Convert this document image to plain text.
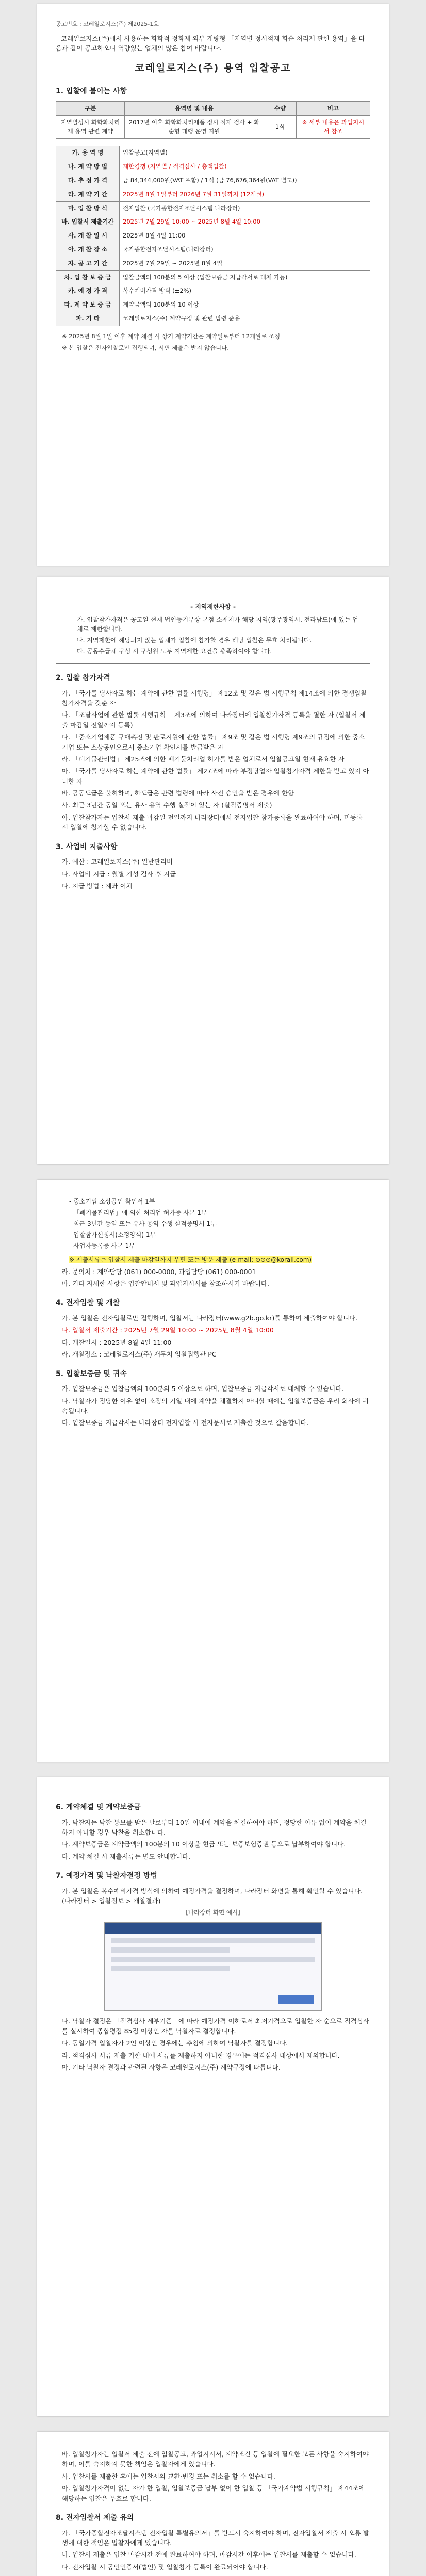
공고번호 : 코레일로지스(주) 제2025-1호

코레일로지스(주)에서 사용하는 화학적 정화제 외부 개량형 「지역별 정시적재 화순 처리제 관련 용역」을 다음과 같이 공고하오니 역량있는 업체의 많은 참여 바랍니다.

코레일로지스(주) 용역 입찰공고
1. 입찰에 붙이는 사항
구분	용역명 및 내용	수량	비고
지역별성시 화학화처리제 용역 관련 계약	2017년 이후 화학화처리제품 정시 적재 검사 + 화순형 대행 운영 지원	1식	※ 세부 내용은 과업지시서 참조
가. 용 역 명	입찰공고(지역별)
나. 계 약 방 법	제한경쟁 (지역별 / 적격심사 / 총액입찰)
다. 추 정 가 격	금 84,344,000원(VAT 포함) / 1식 (금 76,676,364원(VAT 별도))
라. 계 약 기 간	2025년 8월 1일부터 2026년 7월 31일까지 (12개월)
마. 입 찰 방 식	전자입찰 (국가종합전자조달시스템 나라장터)
바. 입찰서 제출기간	2025년 7월 29일 10:00 ~ 2025년 8월 4일 10:00
사. 개 찰 일 시	2025년 8월 4일 11:00
아. 개 찰 장 소	국가종합전자조달시스템(나라장터)
자. 공 고 기 간	2025년 7월 29일 ~ 2025년 8월 4일
차. 입 찰 보 증 금	입찰금액의 100분의 5 이상 (입찰보증금 지급각서로 대체 가능)
카. 예 정 가 격	복수예비가격 방식 (±2%)
타. 계 약 보 증 금	계약금액의 100분의 10 이상
파. 기 타	코레일로지스(주) 계약규정 및 관련 법령 준용
※ 2025년 8월 1일 이후 계약 체결 시 상기 계약기간은 계약일로부터 12개월로 조정
※ 본 입찰은 전자입찰로만 집행되며, 서면 제출은 받지 않습니다.
- 지역제한사항 -
가. 입찰참가자격은 공고일 현재 법인등기부상 본점 소재지가 해당 지역(광주광역시, 전라남도)에 있는 업체로 제한합니다.
나. 지역제한에 해당되지 않는 업체가 입찰에 참가할 경우 해당 입찰은 무효 처리됩니다.
다. 공동수급체 구성 시 구성원 모두 지역제한 요건을 충족하여야 합니다.
2. 입찰 참가자격
가. 「국가를 당사자로 하는 계약에 관한 법률 시행령」 제12조 및 같은 법 시행규칙 제14조에 의한 경쟁입찰 참가자격을 갖춘 자
나. 「조달사업에 관한 법률 시행규칙」 제3조에 의하여 나라장터에 입찰참가자격 등록을 필한 자 (입찰서 제출 마감일 전일까지 등록)
다. 「중소기업제품 구매촉진 및 판로지원에 관한 법률」 제9조 및 같은 법 시행령 제9조의 규정에 의한 중소기업 또는 소상공인으로서 중소기업 확인서를 발급받은 자
라. 「폐기물관리법」 제25조에 의한 폐기물처리업 허가를 받은 업체로서 입찰공고일 현재 유효한 자
마. 「국가를 당사자로 하는 계약에 관한 법률」 제27조에 따라 부정당업자 입찰참가자격 제한을 받고 있지 아니한 자
바. 공동도급은 불허하며, 하도급은 관련 법령에 따라 사전 승인을 받은 경우에 한함
사. 최근 3년간 동일 또는 유사 용역 수행 실적이 있는 자 (실적증명서 제출)
아. 입찰참가자는 입찰서 제출 마감일 전일까지 나라장터에서 전자입찰 참가등록을 완료하여야 하며, 미등록 시 입찰에 참가할 수 없습니다.
3. 사업비 지출사항
가. 예산 : 코레일로지스(주) 일반관리비
나. 사업비 지급 : 월별 기성 검사 후 지급
다. 지급 방법 : 계좌 이체
- 중소기업 소상공인 확인서 1부
- 「폐기물관리법」에 의한 처리업 허가증 사본 1부
- 최근 3년간 동일 또는 유사 용역 수행 실적증명서 1부
- 입찰참가신청서(소정양식) 1부
- 사업자등록증 사본 1부
※ 제출서류는 입찰서 제출 마감일까지 우편 또는 방문 제출 (e-mail: ⊙⊙⊙@korail.com)
라. 문의처 : 계약담당 (061) 000-0000, 과업담당 (061) 000-0001
마. 기타 자세한 사항은 입찰안내서 및 과업지시서를 참조하시기 바랍니다.
4. 전자입찰 및 개찰
가. 본 입찰은 전자입찰로만 집행하며, 입찰서는 나라장터(www.g2b.go.kr)를 통하여 제출하여야 합니다.
나. 입찰서 제출기간 : 2025년 7월 29일 10:00 ~ 2025년 8월 4일 10:00
다. 개찰일시 : 2025년 8월 4일 11:00
라. 개찰장소 : 코레일로지스(주) 재무처 입찰집행관 PC
5. 입찰보증금 및 귀속
가. 입찰보증금은 입찰금액의 100분의 5 이상으로 하며, 입찰보증금 지급각서로 대체할 수 있습니다.
나. 낙찰자가 정당한 이유 없이 소정의 기일 내에 계약을 체결하지 아니할 때에는 입찰보증금은 우리 회사에 귀속됩니다.
다. 입찰보증금 지급각서는 나라장터 전자입찰 시 전자문서로 제출한 것으로 갈음합니다.
6. 계약체결 및 계약보증금
가. 낙찰자는 낙찰 통보를 받은 날로부터 10일 이내에 계약을 체결하여야 하며, 정당한 이유 없이 계약을 체결하지 아니할 경우 낙찰을 취소합니다.
나. 계약보증금은 계약금액의 100분의 10 이상을 현금 또는 보증보험증권 등으로 납부하여야 합니다.
다. 계약 체결 시 제출서류는 별도 안내합니다.
7. 예정가격 및 낙찰자결정 방법
가. 본 입찰은 복수예비가격 방식에 의하여 예정가격을 결정하며, 나라장터 화면을 통해 확인할 수 있습니다. (나라장터 > 입찰정보 > 개찰결과)
[나라장터 화면 예시]
나. 낙찰자 결정은 「적격심사 세부기준」에 따라 예정가격 이하로서 최저가격으로 입찰한 자 순으로 적격심사를 실시하여 종합평점 85점 이상인 자를 낙찰자로 결정합니다.
다. 동일가격 입찰자가 2인 이상인 경우에는 추첨에 의하여 낙찰자를 결정합니다.
라. 적격심사 서류 제출 기한 내에 서류를 제출하지 아니한 경우에는 적격심사 대상에서 제외합니다.
마. 기타 낙찰자 결정과 관련된 사항은 코레일로지스(주) 계약규정에 따릅니다.
바. 입찰참가자는 입찰서 제출 전에 입찰공고, 과업지시서, 계약조건 등 입찰에 필요한 모든 사항을 숙지하여야 하며, 이를 숙지하지 못한 책임은 입찰자에게 있습니다.
사. 입찰서를 제출한 후에는 입찰서의 교환·변경 또는 취소를 할 수 없습니다.
아. 입찰참가자격이 없는 자가 한 입찰, 입찰보증금 납부 없이 한 입찰 등 「국가계약법 시행규칙」 제44조에 해당하는 입찰은 무효로 합니다.
8. 전자입찰서 제출 유의
가. 「국가종합전자조달시스템 전자입찰 특별유의서」를 반드시 숙지하여야 하며, 전자입찰서 제출 시 오류 발생에 대한 책임은 입찰자에게 있습니다.
나. 입찰서 제출은 입찰 마감시간 전에 완료하여야 하며, 마감시간 이후에는 입찰서를 제출할 수 없습니다.
다. 전자입찰 시 공인인증서(법인) 및 입찰참가 등록이 완료되어야 합니다.
